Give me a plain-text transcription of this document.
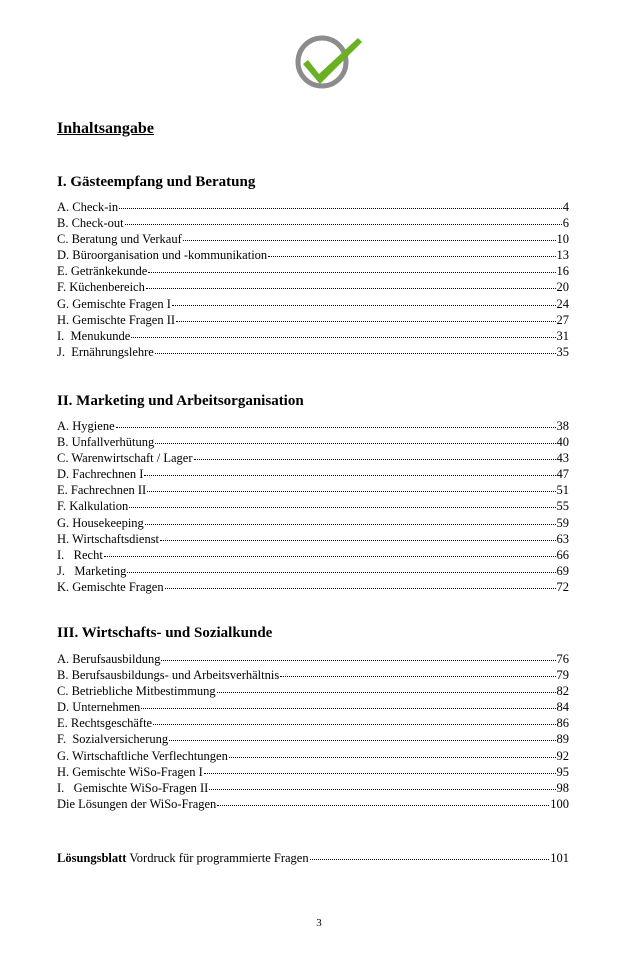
Inhaltsangabe
I. Gästeempfang und Beratung
A. Check-in	4
B. Check-out	6
C. Beratung und Verkauf	10
D. Büroorganisation und -kommunikation	13
E. Getränkekunde	16
F. Küchenbereich	20
G. Gemischte Fragen I	24
H. Gemischte Fragen II	27
I.  Menukunde	31
J.  Ernährungslehre	35
II. Marketing und Arbeitsorganisation
A. Hygiene	38
B. Unfallverhütung	40
C. Warenwirtschaft / Lager	43
D. Fachrechnen I	47
E. Fachrechnen II	51
F. Kalkulation	55
G. Housekeeping	59
H. Wirtschaftsdienst	63
I.   Recht	66
J.   Marketing	69
K. Gemischte Fragen	72
III. Wirtschafts- und Sozialkunde
A. Berufsausbildung	76
B. Berufsausbildungs- und Arbeitsverhältnis	79
C. Betriebliche Mitbestimmung	82
D. Unternehmen	84
E. Rechtsgeschäfte	86
F.  Sozialversicherung	89
G. Wirtschaftliche Verflechtungen	92
H. Gemischte WiSo-Fragen I	95
I.   Gemischte WiSo-Fragen II	98
Die Lösungen der WiSo-Fragen	100
Lösungsblatt Vordruck für programmierte Fragen	101
3
